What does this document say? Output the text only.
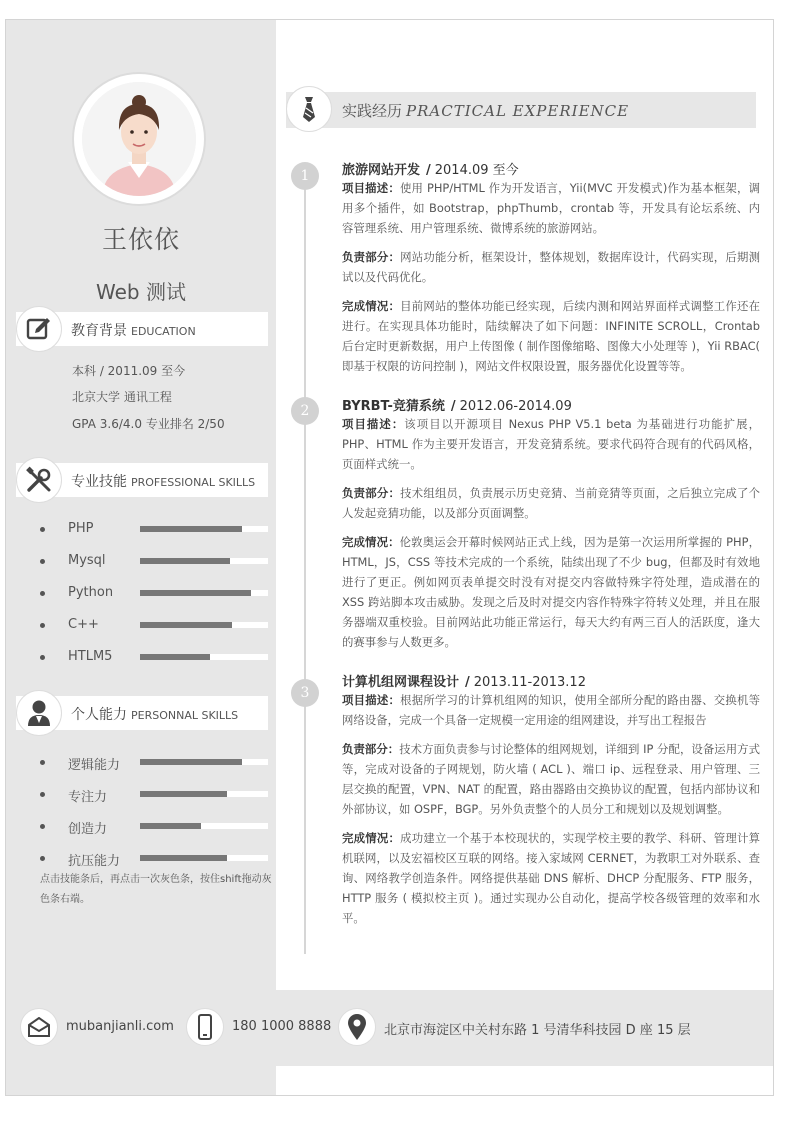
王依依
Web 测试
教育背景 EDUCATION
本科 / 2011.09 至今
北京大学 通讯工程
GPA 3.6/4.0 专业排名 2/50
专业技能 PROFESSIONAL SKILLS
PHP
Mysql
Python
C++
HTLM5
个人能力 PERSONNAL SKILLS
逻辑能力
专注力
创造力
抗压能力
点击技能条后，再点击一次灰色条，按住shift拖动灰色条右端。
实践经历 PRACTICAL EXPERIENCE
1	旅游网站开发 / 2014.09 至今
项目描述：使用 PHP/HTML 作为开发语言，Yii(MVC 开发模式)作为基本框架，调用多个插件，如 Bootstrap，phpThumb，crontab 等，开发具有论坛系统、内容管理系统、用户管理系统、微博系统的旅游网站。
负责部分：网站功能分析，框架设计，整体规划，数据库设计，代码实现，后期测试以及代码优化。
完成情况：目前网站的整体功能已经实现，后续内测和网站界面样式调整工作还在进行。在实现具体功能时，陆续解决了如下问题：INFINITE SCROLL，Crontab 后台定时更新数据，用户上传图像 ( 制作图像缩略、图像大小处理等 )，Yii RBAC( 即基于权限的访问控制 )，网站文件权限设置，服务器优化设置等等。
2	BYRBT-竞猜系统 / 2012.06-2014.09
项目描述：该项目以开源项目 Nexus PHP V5.1 beta 为基础进行功能扩展，PHP、HTML 作为主要开发语言，开发竞猜系统。要求代码符合现有的代码风格，页面样式统一。
负责部分：技术组组员，负责展示历史竞猜、当前竞猜等页面，之后独立完成了个人发起竞猜功能，以及部分页面调整。
完成情况：伦敦奥运会开幕时候网站正式上线，因为是第一次运用所掌握的 PHP，HTML，JS，CSS 等技术完成的一个系统，陆续出现了不少 bug，但都及时有效地进行了更正。例如网页表单提交时没有对提交内容做特殊字符处理，造成潜在的 XSS 跨站脚本攻击威胁。发现之后及时对提交内容作特殊字符转义处理，并且在服务器端双重校验。目前网站此功能正常运行，每天大约有两三百人的活跃度，逢大的赛事参与人数更多。
3
计算机组网课程设计 / 2013.11-2013.12
项目描述：根据所学习的计算机组网的知识，使用全部所分配的路由器、交换机等网络设备，完成一个具备一定规模一定用途的组网建设，并写出工程报告
负责部分：技术方面负责参与讨论整体的组网规划，详细到 IP 分配，设备运用方式等，完成对设备的子网规划，防火墙 ( ACL )、端口 ip、远程登录、用户管理、三层交换的配置，VPN、NAT 的配置，路由器路由交换协议的配置，包括内部协议和外部协议，如 OSPF，BGP。另外负责整个的人员分工和规划以及规划调整。
完成情况：成功建立一个基于本校现状的，实现学校主要的教学、科研、管理计算机联网，以及宏福校区互联的网络。接入家域网 CERNET，为教职工对外联系、查询、网络教学创造条件。网络提供基础 DNS 解析、DHCP 分配服务、FTP 服务，HTTP 服务 ( 模拟校主页 )。通过实现办公自动化，提高学校各级管理的效率和水平。
mubanjianli.com	180 1000 8888	北京市海淀区中关村东路 1 号清华科技园 D 座 15 层
